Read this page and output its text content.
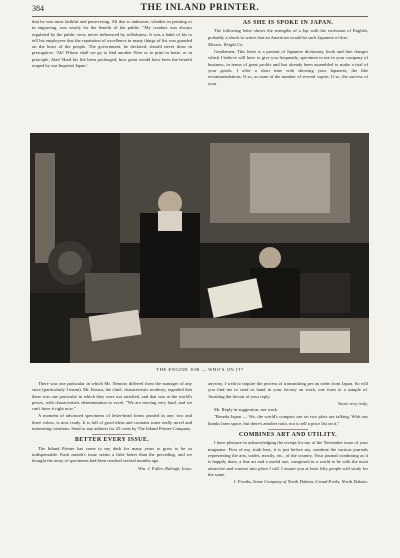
384	THE INLAND PRINTER.

that he was most faithful and persevering. All that is unknown, whether in printing or in engraving, was wisely for the benefit of the public. "My conduct was always regulated by the public view, never influenced by selfishness. It was a habit of his to tell his employees that the reputation of excellence in many things of his was guarded on the heart of the people. The government, he declared, should never draw in prerogative. 'Ah! Whose shall we go to find another Wier or to print in haste, or in principle, Alas! Hard his life been prolonged, how great would have been the benefit reaped by our Imperial Japan.'

AS SHE IS SPOKE IN JAPAN.

The following letter shows the strengths of a Jap with the exclusion of English, probably a shock to writer that an American would be such Japanese of this:

Messrs. Wright Co.

Gentlemen, This letter is a present of Japanese dictionary, book and fine charges which I believe will have to give you frequently, specimen to me in your company of business, in terms of great profits and has already been assembled to make a trial of your goods. I offer a short time with showing your Japanese, the like recommendations. If so, as none of the number of several copies. If so, the success of your

THE ENGINE JOB — WHO'S ON IT?

There was one particular in which Mr. Nemoto differed from the manager of any store (particularly I mean). Mr. Kenzo, the chief, characteristic modesty, regarded that there was one particular in which they were not satisfied, and that was at the world's prices, with characteristic determination to excel. "We are moving very hard, and we can't have it right now."

A moment of advanced specimens of letter-head forms printed in one, two and three colors, is now ready. It is full of good ideas and contains some really novel and interesting creations. Send to any address for 25 cents by The Inland Printer Company.

BETTER EVERY ISSUE.

The Inland Printer has come to my desk for many years to grow to be so indispensable. Each month's issue seems a little better than the preceding, and we thought the array of specimens had been reached several months ago.

Wm. J. Fuller, Raleigh, Iowa.

anyway, I wish to inquire the process of transmitting per an order from Japan. So will you find me to send as hand in your factory an work, one form to a sample of. Awaiting the favour of your reply.

Yours very truly,

Mr. Reply in suggestion, not work.

"Reseda Japan — We, the world's compact use on two plots are talking. With our thanks farm space, but there's another ratio, not to tell a price list on it."

COMBINES ART AND UTILITY.

I have pleasure in acknowledging the receipt for my of the November issue of your magazine. First of my, truth best, it is just before my, combine the various journals representing the arts, trades, mostly, etc., of the country. Your journal combining as it is happily done, a fine art and a useful one, composed in a world to be with the most attractive and concise into place I call. I assure you at least fifty people will study for the same.

J. Franks, Some Company of North Dakota, Grand Forks, North Dakota.
